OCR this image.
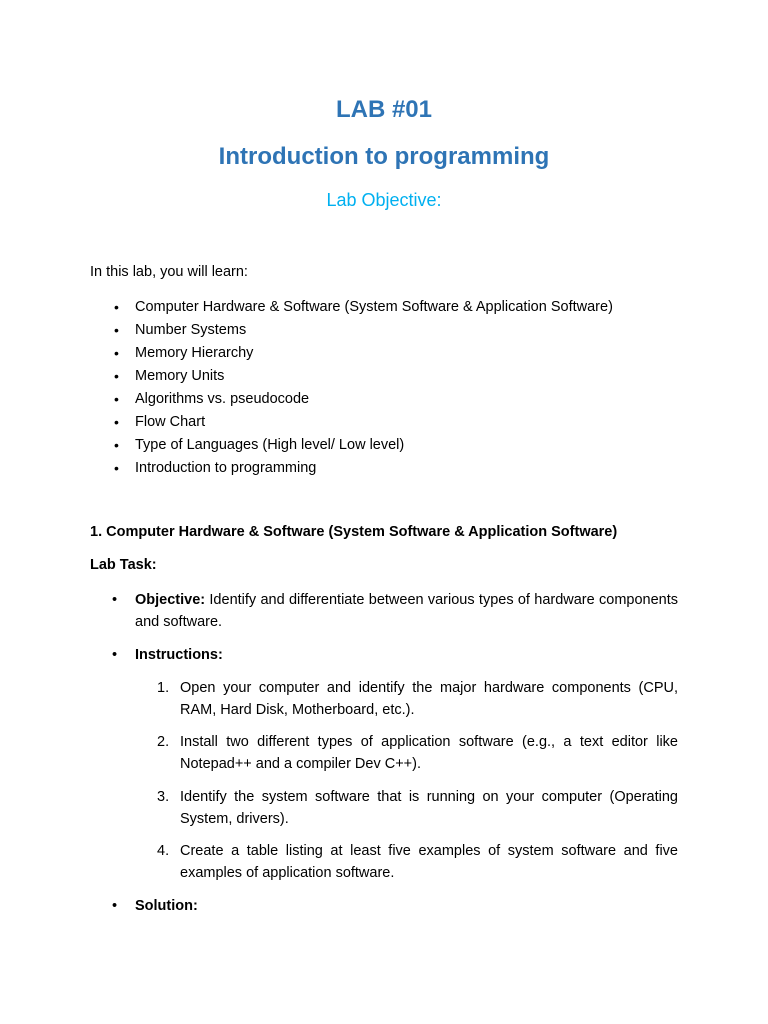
LAB #01
Introduction to programming
Lab Objective:
In this lab, you will learn:
• Computer Hardware & Software (System Software & Application Software)
• Number Systems
• Memory Hierarchy
• Memory Units
• Algorithms vs. pseudocode
• Flow Chart
• Type of Languages (High level/ Low level)
• Introduction to programming
1. Computer Hardware & Software (System Software & Application Software)
Lab Task:
• Objective: Identify and differentiate between various types of hardware components and software.
• Instructions:
1. Open your computer and identify the major hardware components (CPU, RAM, Hard Disk, Motherboard, etc.).
2. Install two different types of application software (e.g., a text editor like Notepad++ and a compiler Dev C++).
3. Identify the system software that is running on your computer (Operating System, drivers).
4. Create a table listing at least five examples of system software and five examples of application software.
• Solution:
